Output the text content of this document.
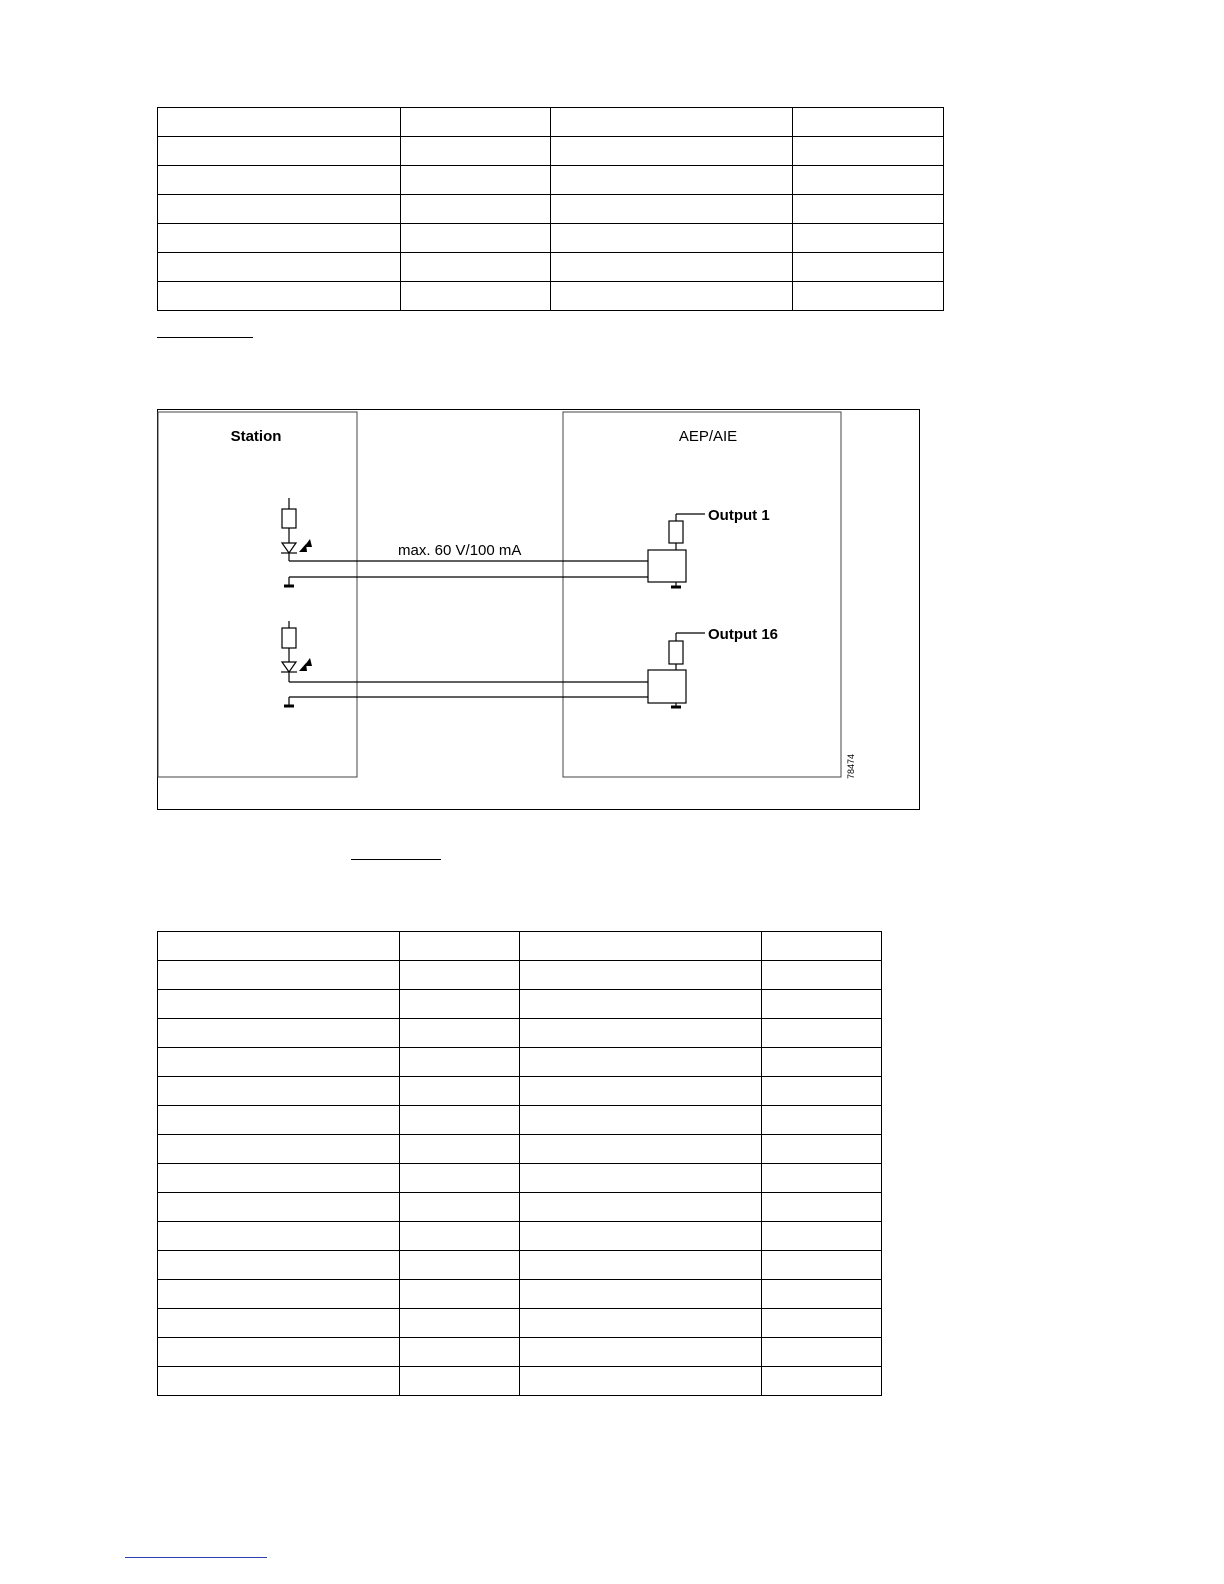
Station	AEP/AIE
max. 60 V/100 mA
Output 1
Output 16
78474
